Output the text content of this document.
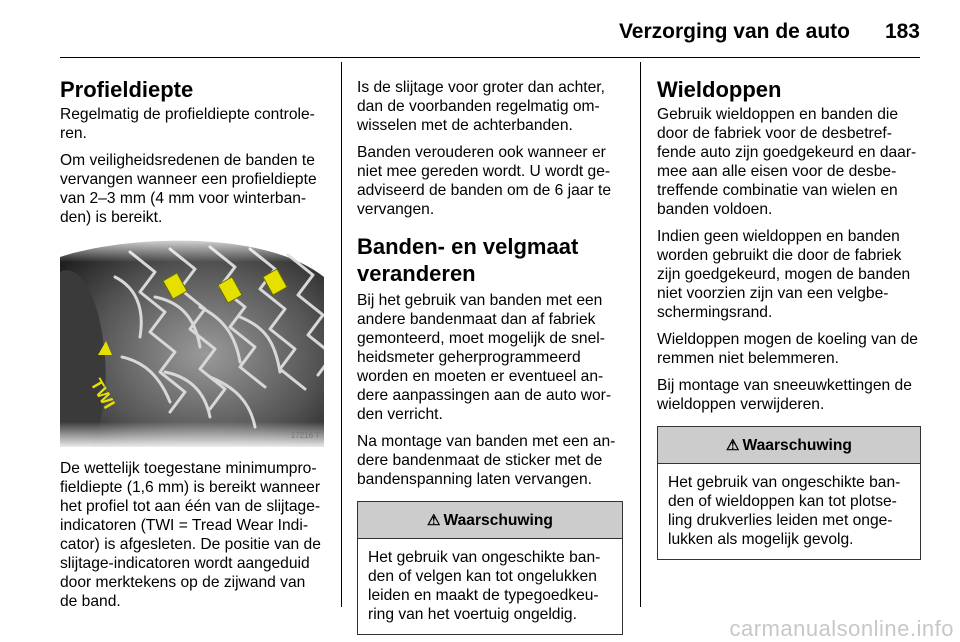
Verzorging van de auto 183
Profieldiepte

Regelmatig de profieldiepte controle-ren.

Om veiligheidsredenen de banden te vervangen wanneer een profieldiepte van 2–3 mm (4 mm voor winterban-den) is bereikt.

17216 T

De wettelijk toegestane minimumpro-fieldiepte (1,6 mm) is bereikt wanneer het profiel tot aan één van de slijtage-indicatoren (TWI = Tread Wear Indi-cator) is afgesleten. De positie van de slijtage-indicatoren wordt aangeduid door merktekens op de zijwand van de band.

Is de slijtage voor groter dan achter, dan de voorbanden regelmatig om-wisselen met de achterbanden.

Banden verouderen ook wanneer er niet mee gereden wordt. U wordt ge-adviseerd de banden om de 6 jaar te vervangen.

Banden- en velgmaat veranderen

Bij het gebruik van banden met een andere bandenmaat dan af fabriek gemonteerd, moet mogelijk de snel-heidsmeter geherprogrammeerd worden en moeten er eventueel an-dere aanpassingen aan de auto wor-den verricht.

Na montage van banden met een an-dere bandenmaat de sticker met de bandenspanning laten vervangen.

⚠ Waarschuwing
Het gebruik van ongeschikte ban-den of velgen kan tot ongelukken leiden en maakt de typegoedkeu-ring van het voertuig ongeldig.
Wieldoppen

Gebruik wieldoppen en banden die door de fabriek voor de desbetref-fende auto zijn goedgekeurd en daar-mee aan alle eisen voor de desbe-treffende combinatie van wielen en banden voldoen.

Indien geen wieldoppen en banden worden gebruikt die door de fabriek zijn goedgekeurd, mogen de banden niet voorzien zijn van een velgbe-schermingsrand.

Wieldoppen mogen de koeling van de remmen niet belemmeren.

Bij montage van sneeuwkettingen de wieldoppen verwijderen.

⚠ Waarschuwing
Het gebruik van ongeschikte ban-den of wieldoppen kan tot plotse-ling drukverlies leiden met onge-lukken als mogelijk gevolg.
carmanualsonline.info
